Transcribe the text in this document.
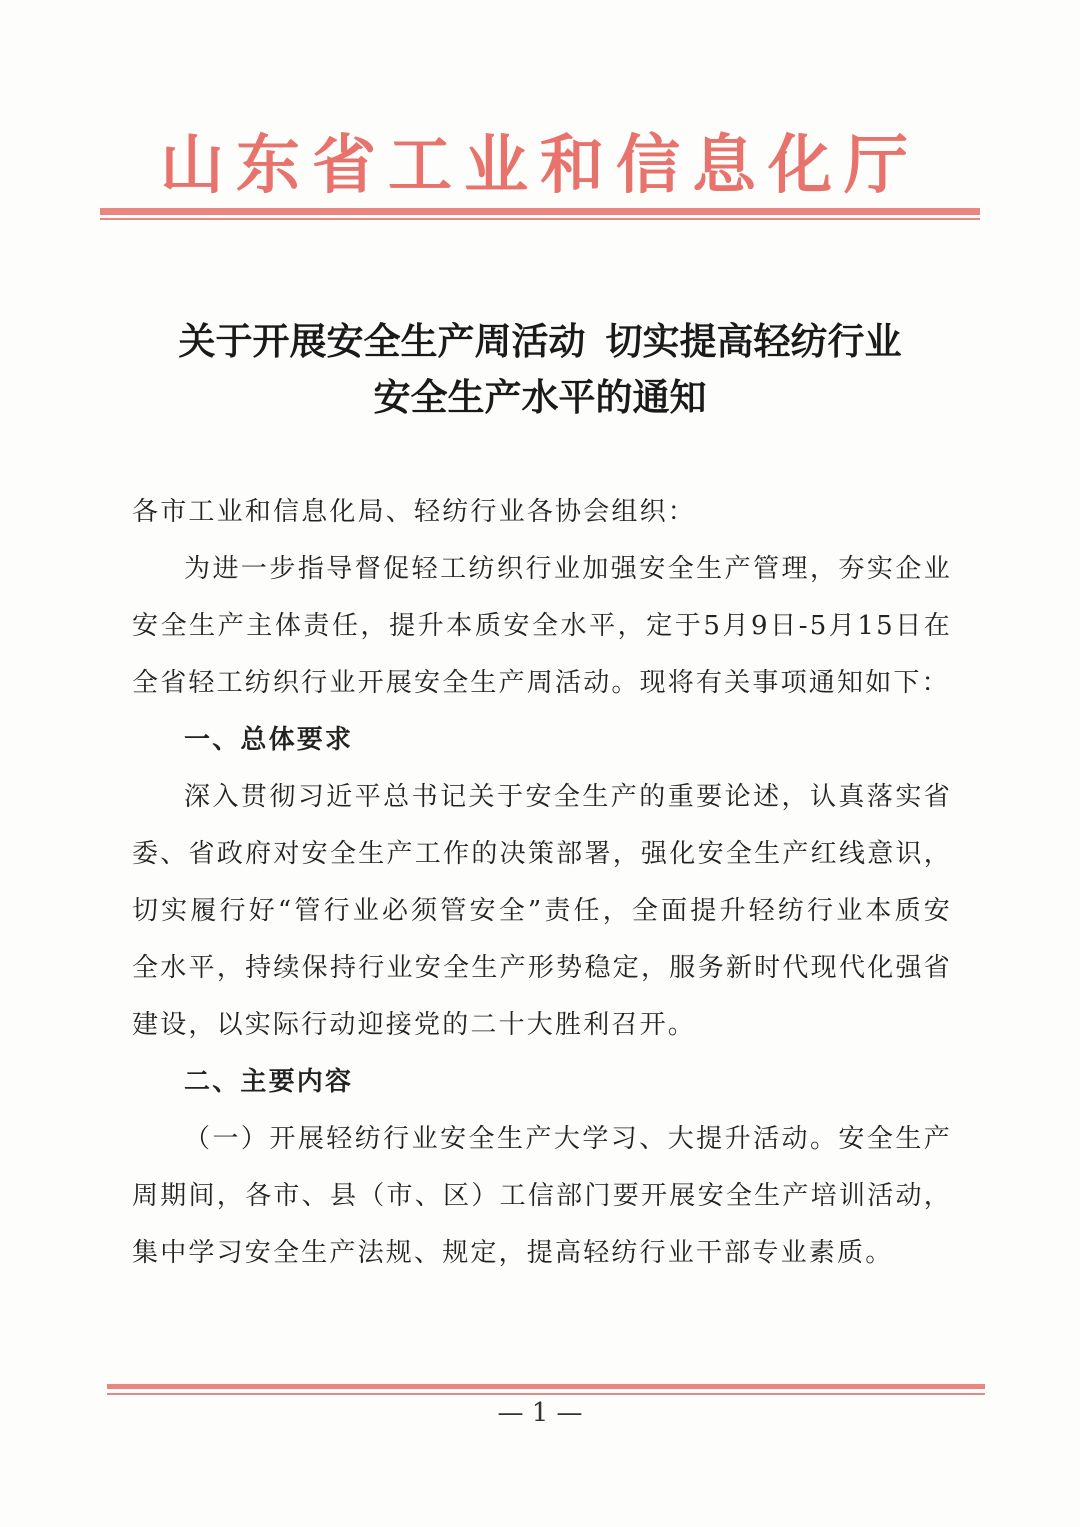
山东省工业和信息化厅
关于开展安全生产周活动 切实提高轻纺行业
安全生产水平的通知

各市工业和信息化局、轻纺行业各协会组织：

为进一步指导督促轻工纺织行业加强安全生产管理，夯实企业安全生产主体责任，提升本质安全水平，定于5月9日-5月15日在全省轻工纺织行业开展安全生产周活动。现将有关事项通知如下：

一、总体要求

深入贯彻习近平总书记关于安全生产的重要论述，认真落实省委、省政府对安全生产工作的决策部署，强化安全生产红线意识，切实履行好“管行业必须管安全”责任，全面提升轻纺行业本质安全水平，持续保持行业安全生产形势稳定，服务新时代现代化强省建设，以实际行动迎接党的二十大胜利召开。

二、主要内容

（一）开展轻纺行业安全生产大学习、大提升活动。安全生产周期间，各市、县（市、区）工信部门要开展安全生产培训活动，集中学习安全生产法规、规定，提高轻纺行业干部专业素质。

— 1 —
